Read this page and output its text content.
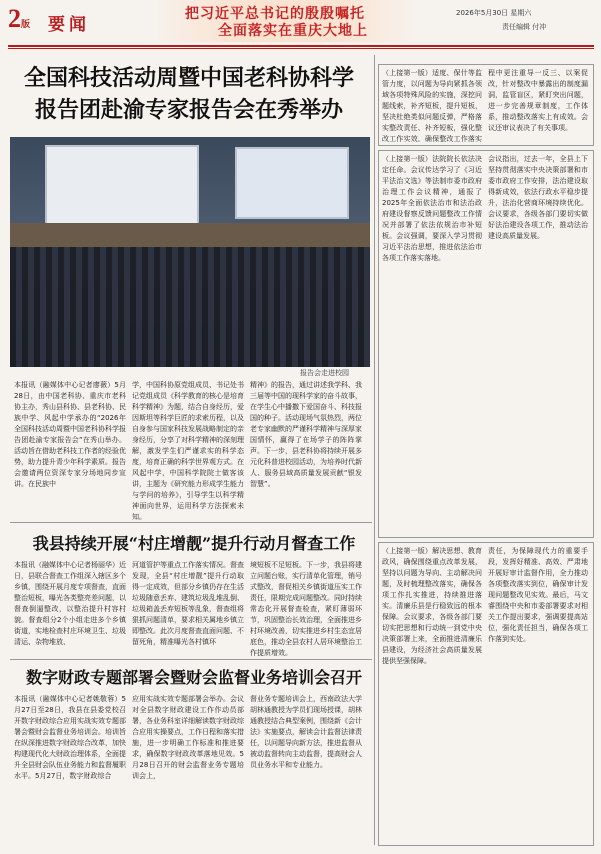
2版 要闻
把习近平总书记的殷殷嘱托
全面落实在重庆大地上
2026年5月30日 星期六
责任编辑 付冲
全国科技活动周暨中国老科协科学
报告团赴渝专家报告会在秀举办
报告会走进校园
本报讯（融媒体中心记者廖薇）5月28日，由中国老科协、重庆市老科协主办，秀山县科协、县老科协、民族中学、风起中学承办的“2026年全国科技活动周暨中国老科协科学报告团赴渝专家报告会”在秀山举办。活动旨在借助老科技工作者的经验优势，助力提升青少年科学素质。报告会邀请两位资深专家分场地同步宣讲。在民族中
学，中国科协原党组成员、书记处书记党组成员《科学教育的核心是培育科学精神》为题，结合自身经历，爱因斯坦等科学巨匠的求索历程，以及自身参与国家科技发展战略制定的亲身经历，分享了对科学精神的深刻理解，激发学生们严谨求实的科学态度，培育正确的科学世界观方式。在风起中学，中国科学院院士做客该讲，主题为《研究能力形成学生能力与学问的培养》，引导学生以科学精神面向世界，运用科学方法探索未知。
精神》的报告，通过讲述我学科、我三届等中国的现科学家的奋斗故事，在学生心中播撒下爱国奋斗、科技报国的种子。活动现场气氛热烈，两位老专家幽默的严谨科学精神与深厚家国情怀，赢得了在场学子的阵阵掌声。下一步，县老科协将持续开展多元化科普进校园活动，为培养时代新人、服务县域高质量发展贡献“银发智慧”。
我县持续开展“村庄增靓”提升行动月督查工作
本报讯（融媒体中心记者杨丽华）近日，县联合督查工作组深入辖区多个乡镇，围绕开展月度专项督查，直面整治短板，曝光各类整亮差问题，以督查倒逼整改，以整治提升村容村貌。督查组分2个小组走进多个乡镇街道，实地检查村庄环境卫生、垃圾清运、杂物堆放、
河道管护等重点工作落实情况。督查发现，全县“村庄增靓”提升行动取得一定成效，但部分乡镇仍存在生活垃圾随意丢弃、建筑垃圾乱堆乱倒、垃圾箱盖丢弃短板等乱象，督查组将狠抓问题清单，要求相关属地乡镇立即整改。此次月度督查直面问题、不留死角，精准曝光各村镇环
境短板不足短板。下一步，我县将建立问题台账，实行清单化管理，销号式整改，督促相关乡镇街道压实工作责任，限期完成问题整改。同时持续常态化开展督查检查，紧盯薄弱环节，巩固整治长效治理，全面推进乡村环境改善，切实推进乡村生态宜居底色，推动全县农村人居环境整治工作提质增效。
数字财政专题部署会暨财会监督业务培训会召开
本报讯（融媒体中心记者姚敬蓉）5月27日至28日，我县在县委党校召开数字财政综合应用实战实效专题部署会暨财会监督业务培训会。培训旨在纵深推进数字财政综合改革，加快构建现代化大财政治理体系，全面提升全县财会队伍业务能力和监督履职水平。5月27日，数字财政综合
应用实战实效专题部署会举办。会议对全县数字财政建设工作作动员部署，各业务科室详细解读数字财政综合应用实操要点，工作日程和落实措施，进一步明确工作标准和推进要求，确保数字财政改革落地见效。5月28日召开的财会监督业务专题培训会上，
督业务专题培训会上，西南政法大学胡林通教授为学员们现场授课，胡林通教授结合典型案例，围绕新《会计法》实施要点，解读会计监督法律责任，以问题导向新方法，推进监督从被动监督转向主动监督，提高财会人员业务水平和专业能力。
（上接第一版）适度、保什等监管力度，以问题为导向紧抓各领域各项特殊风险的实施，深挖问题线索，补齐短板，提升短板，坚决杜绝类似问题反弹，严格落实整改责任、补齐短板，强化整改工作实效，确保整改工作落实
程中更注重导一反三、以案促改，针对整改中暴露出的制度漏洞，监管盲区，紧盯突出问题，进一步完善规章制度，工作体系，推动整改落实上有成效。会议还审议表决了有关事项。
（上接第一版）法院院长依法决定任命。会议传达学习了《习近平法治文选》等法制市委市政府治理工作会议精神，通报了2025年全面依法治市和法治政府建设督察反馈问题整改工作情况并部署了依法依规治市补短板。会议强调，要深入学习贯彻习近平法治思想，推进依法治市各项工作落实落地。
会议指出，过去一年，全县上下坚持贯彻落实中央决策部署和市委市政府工作安排，法治建设取得新成效，依法行政水平稳步提升，法治化营商环境持续优化。会议要求，各级各部门要切实做好法治建设各项工作，推动法治建设高质量发展。
（上接第一版）解决思想、教育政风，确保围绕重点改革发展，坚持以问题为导向、主动解决问题，及时梳理整改落实，确保各项工作扎实推进，持续推进落实。清廉乐县是行稳致远的根本保障。会议要求，各级各部门要切实把思想和行动统一到党中央决策部署上来，全面推进清廉乐县建设，为经济社会高质量发展提供坚强保障。
责任，为保障现代力的重要手段，发挥好精准、高效、严肃地开展好审计监督作用，全力推动各项整改落实到位，确保审计发现问题整改见实效。最后，马文睿围绕中央和市委部署要求对相关工作提出要求，强调要提高站位，强化责任担当，确保各项工作落到实处。
